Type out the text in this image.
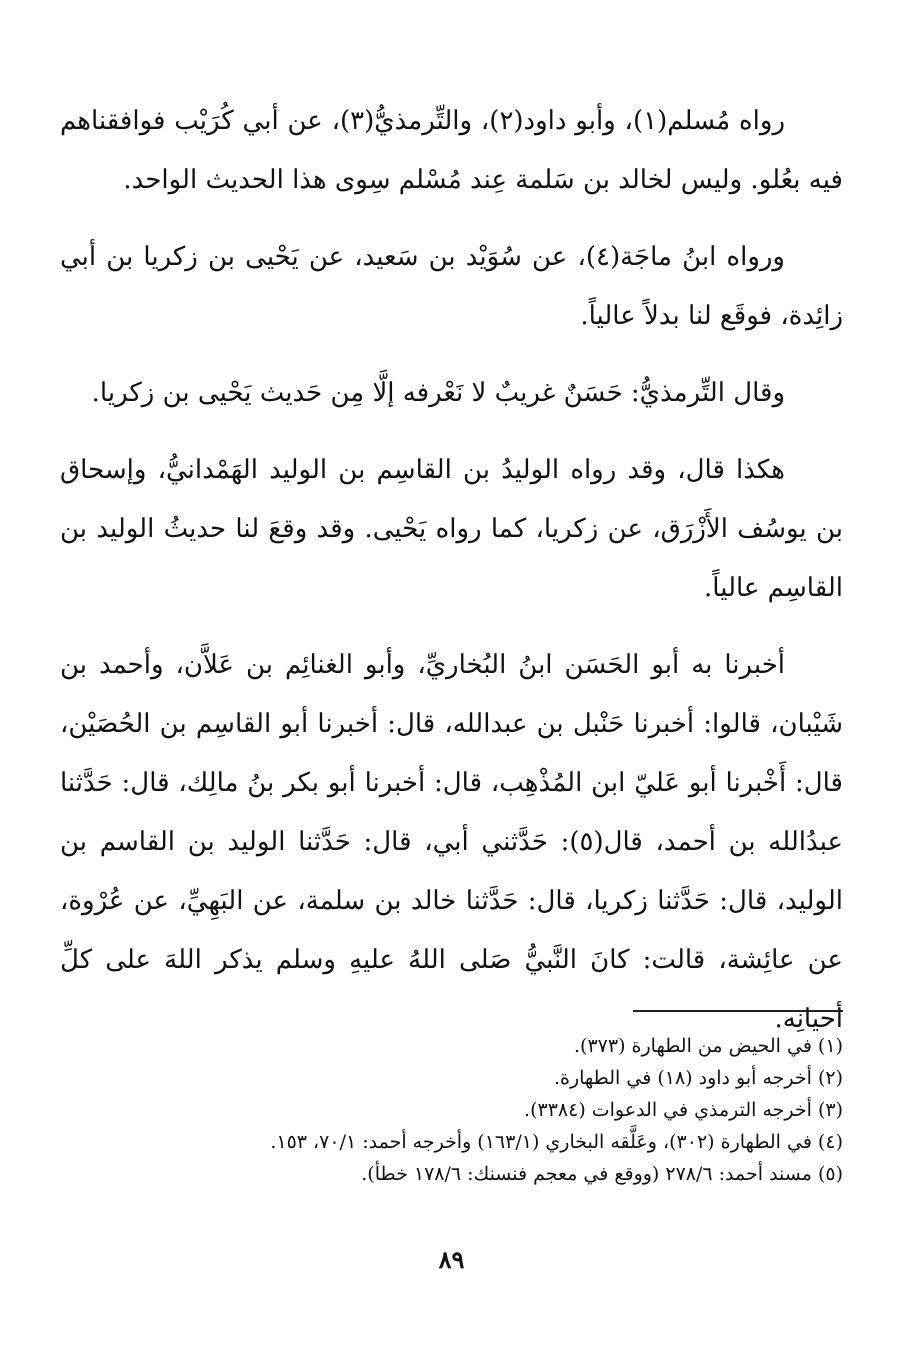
رواه مُسلم(١)، وأبو داود(٢)، والتِّرمذيُّ(٣)، عن أبي كُرَيْب فوافقناهم فيه بعُلو. وليس لخالد بن سَلمة عِند مُسْلم سِوى هذا الحديث الواحد.

ورواه ابنُ ماجَة(٤)، عن سُوَيْد بن سَعيد، عن يَحْيى بن زكريا بن أبي زائِدة، فوقَع لنا بدلاً عالياً.

وقال التِّرمذيُّ: حَسَنٌ غريبٌ لا نَعْرفه إلَّا مِن حَديث يَحْيى بن زكريا.

هكذا قال، وقد رواه الوليدُ بن القاسِم بن الوليد الهَمْدانيُّ، وإسحاق بن يوسُف الأَزْرَق، عن زكريا، كما رواه يَحْيى. وقد وقعَ لنا حديثُ الوليد بن القاسِم عالياً.

أخبرنا به أبو الحَسَن ابنُ البُخاريِّ، وأبو الغنائِم بن عَلاَّن، وأحمد بن شَيْبان، قالوا: أخبرنا حَنْبل بن عبدالله، قال: أخبرنا أبو القاسِم بن الحُصَيْن، قال: أَخْبرنا أبو عَليّ ابن المُذْهِب، قال: أخبرنا أبو بكر بنُ مالِك، قال: حَدَّثنا عبدُالله بن أحمد، قال(٥): حَدَّثني أبي، قال: حَدَّثنا الوليد بن القاسم بن الوليد، قال: حَدَّثنا زكريا، قال: حَدَّثنا خالد بن سلمة، عن البَهِيِّ، عن عُرْوة، عن عائِشة، قالت: كانَ النَّبيُّ صَلى اللهُ عليهِ وسلم يذكر اللهَ على كلِّ أحيانِه.

(١) في الحيض من الطهارة (٣٧٣).
(٢) أخرجه أبو داود (١٨) في الطهارة.
(٣) أخرجه الترمذي في الدعوات (٣٣٨٤).
(٤) في الطهارة (٣٠٢)، وعَلَّقه البخاري (١٦٣/١) وأخرجه أحمد: ٧٠/١، ١٥٣.
(٥) مسند أحمد: ٢٧٨/٦ (ووقع في معجم فنسنك: ١٧٨/٦ خطأ).
٨٩
